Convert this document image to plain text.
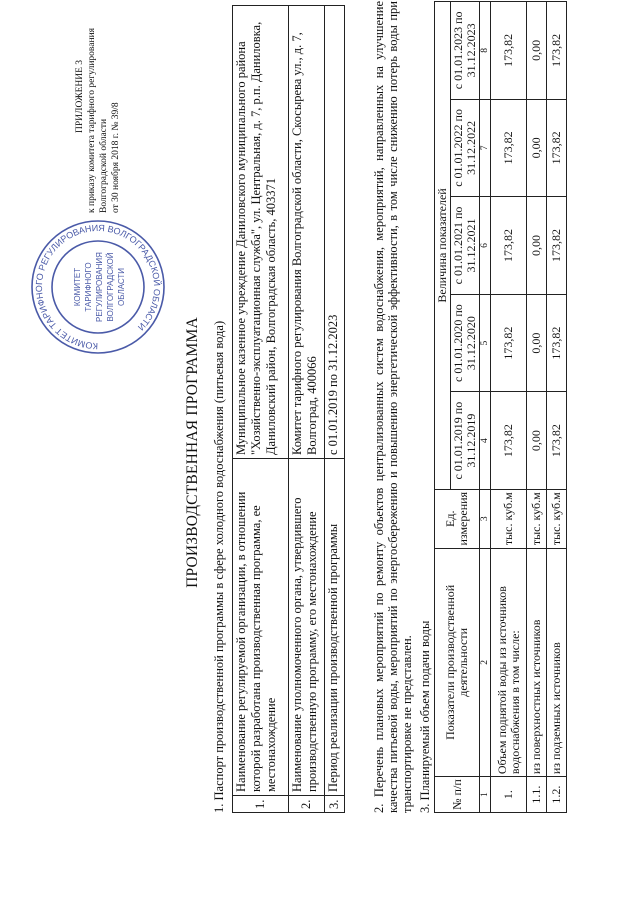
ПРИЛОЖЕНИЕ 3 к приказу комитета тарифного регулирования Волгоградской области от 30 ноября 2018 г. № 39/8
КОМИТЕТ ТАРИФНОГО РЕГУЛИРОВАНИЯ ВОЛГОГРАДСКОЙ ОБЛАСТИ
КОМИТЕТ ТАРИФНОГО РЕГУЛИРОВАНИЯ ВОЛГОГРАДСКОЙ ОБЛАСТИ
ПРОИЗВОДСТВЕННАЯ ПРОГРАММА 1. Паспорт производственной программы в сфере холодного водоснабжения (питьевая вода) 1.	Наименование регулируемой организации, в отношении которой разработана производственная программа, ее местонахождение	Муниципальное казенное учреждение Даниловского муниципального района "Хозяйственно-эксплуатационная служба", ул. Центральная, д. 7, р.п. Даниловка, Даниловский район, Волгоградская область, 403371
2.	Наименование уполномоченного органа, утвердившего производственную программу, его местонахождение	Комитет тарифного регулирования Волгоградской области, Скосырева ул., д. 7, Волгоград, 400066
3.	Период реализации производственной программы	с 01.01.2019 по 31.12.2023	2. Перечень плановых мероприятий по ремонту объектов централизованных систем водоснабжения, мероприятий, направленных на улучшение качества питьевой воды, мероприятий по энергосбережению и повышению энергетической эффективности, в том числе снижению потерь воды при транспортировке не представлен. 3. Планируемый объем подачи воды № п/п	Показатели производственной деятельности	Ед. измерения	Величина показателей				
			с 01.01.2019 по 31.12.2019	с 01.01.2020 по 31.12.2020	с 01.01.2021 по 31.12.2021	с 01.01.2022 по 31.12.2022	с 01.01.2023 по 31.12.2023
1	2	3	4	5	6	7	8
1.	Объем поднятой воды из источников водоснабжения в том числе:	тыс. куб.м	173,82	173,82	173,82	173,82	173,82
1.1.	из поверхностных источников	тыс. куб.м	0,00	0,00	0,00	0,00	0,00
1.2.	из подземных источников	тыс. куб.м	173,82	173,82	173,82	173,82	173,82
